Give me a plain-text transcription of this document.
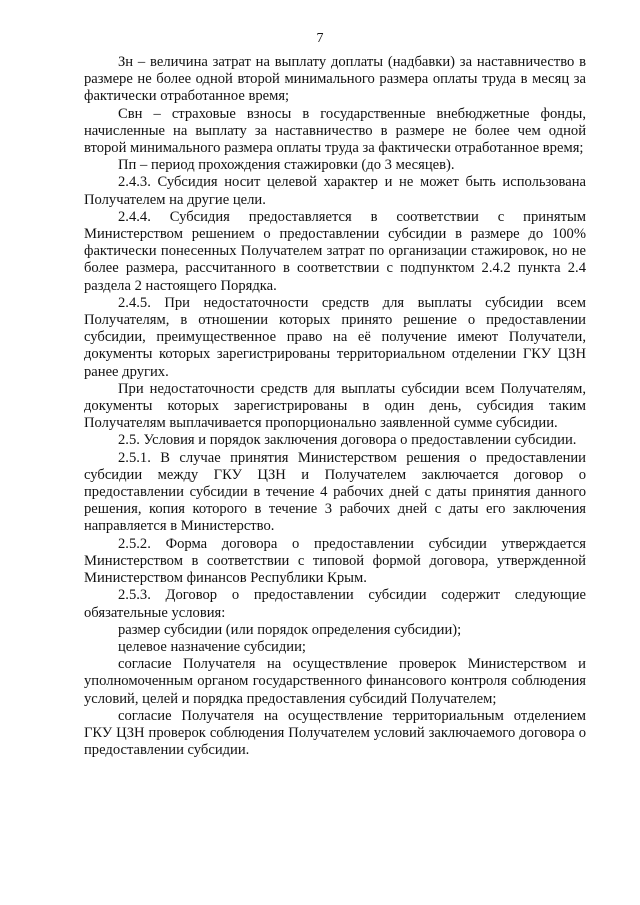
7

Зн – величина затрат на выплату доплаты (надбавки) за наставничество в размере не более одной второй минимального размера оплаты труда в месяц за фактически отработанное время;

Свн – страховые взносы в государственные внебюджетные фонды, начисленные на выплату за наставничество в размере не более чем одной второй минимального размера оплаты труда за фактически отработанное время;

Пп – период прохождения стажировки (до 3 месяцев).

2.4.3. Субсидия носит целевой характер и не может быть использована Получателем на другие цели.

2.4.4. Субсидия предоставляется в соответствии с принятым Министерством решением о предоставлении субсидии в размере до 100% фактически понесенных Получателем затрат по организации стажировок, но не более размера, рассчитанного в соответствии с подпунктом 2.4.2 пункта 2.4 раздела 2 настоящего Порядка.

2.4.5. При недостаточности средств для выплаты субсидии всем Получателям, в отношении которых принято решение о предоставлении субсидии, преимущественное право на её получение имеют Получатели, документы которых зарегистрированы территориальном отделении ГКУ ЦЗН ранее других.

При недостаточности средств для выплаты субсидии всем Получателям, документы которых зарегистрированы в один день, субсидия таким Получателям выплачивается пропорционально заявленной сумме субсидии.

2.5. Условия и порядок заключения договора о предоставлении субсидии.

2.5.1. В случае принятия Министерством решения о предоставлении субсидии между ГКУ ЦЗН и Получателем заключается договор о предоставлении субсидии в течение 4 рабочих дней с даты принятия данного решения, копия которого в течение 3 рабочих дней с даты его заключения направляется в Министерство.

2.5.2. Форма договора о предоставлении субсидии утверждается Министерством в соответствии с типовой формой договора, утвержденной Министерством финансов Республики Крым.

2.5.3. Договор о предоставлении субсидии содержит следующие обязательные условия:

размер субсидии (или порядок определения субсидии);

целевое назначение субсидии;

согласие Получателя на осуществление проверок Министерством и уполномоченным органом государственного финансового контроля соблюдения условий, целей и порядка предоставления субсидий Получателем;

согласие Получателя на осуществление территориальным отделением ГКУ ЦЗН проверок соблюдения Получателем условий заключаемого договора о предоставлении субсидии.
